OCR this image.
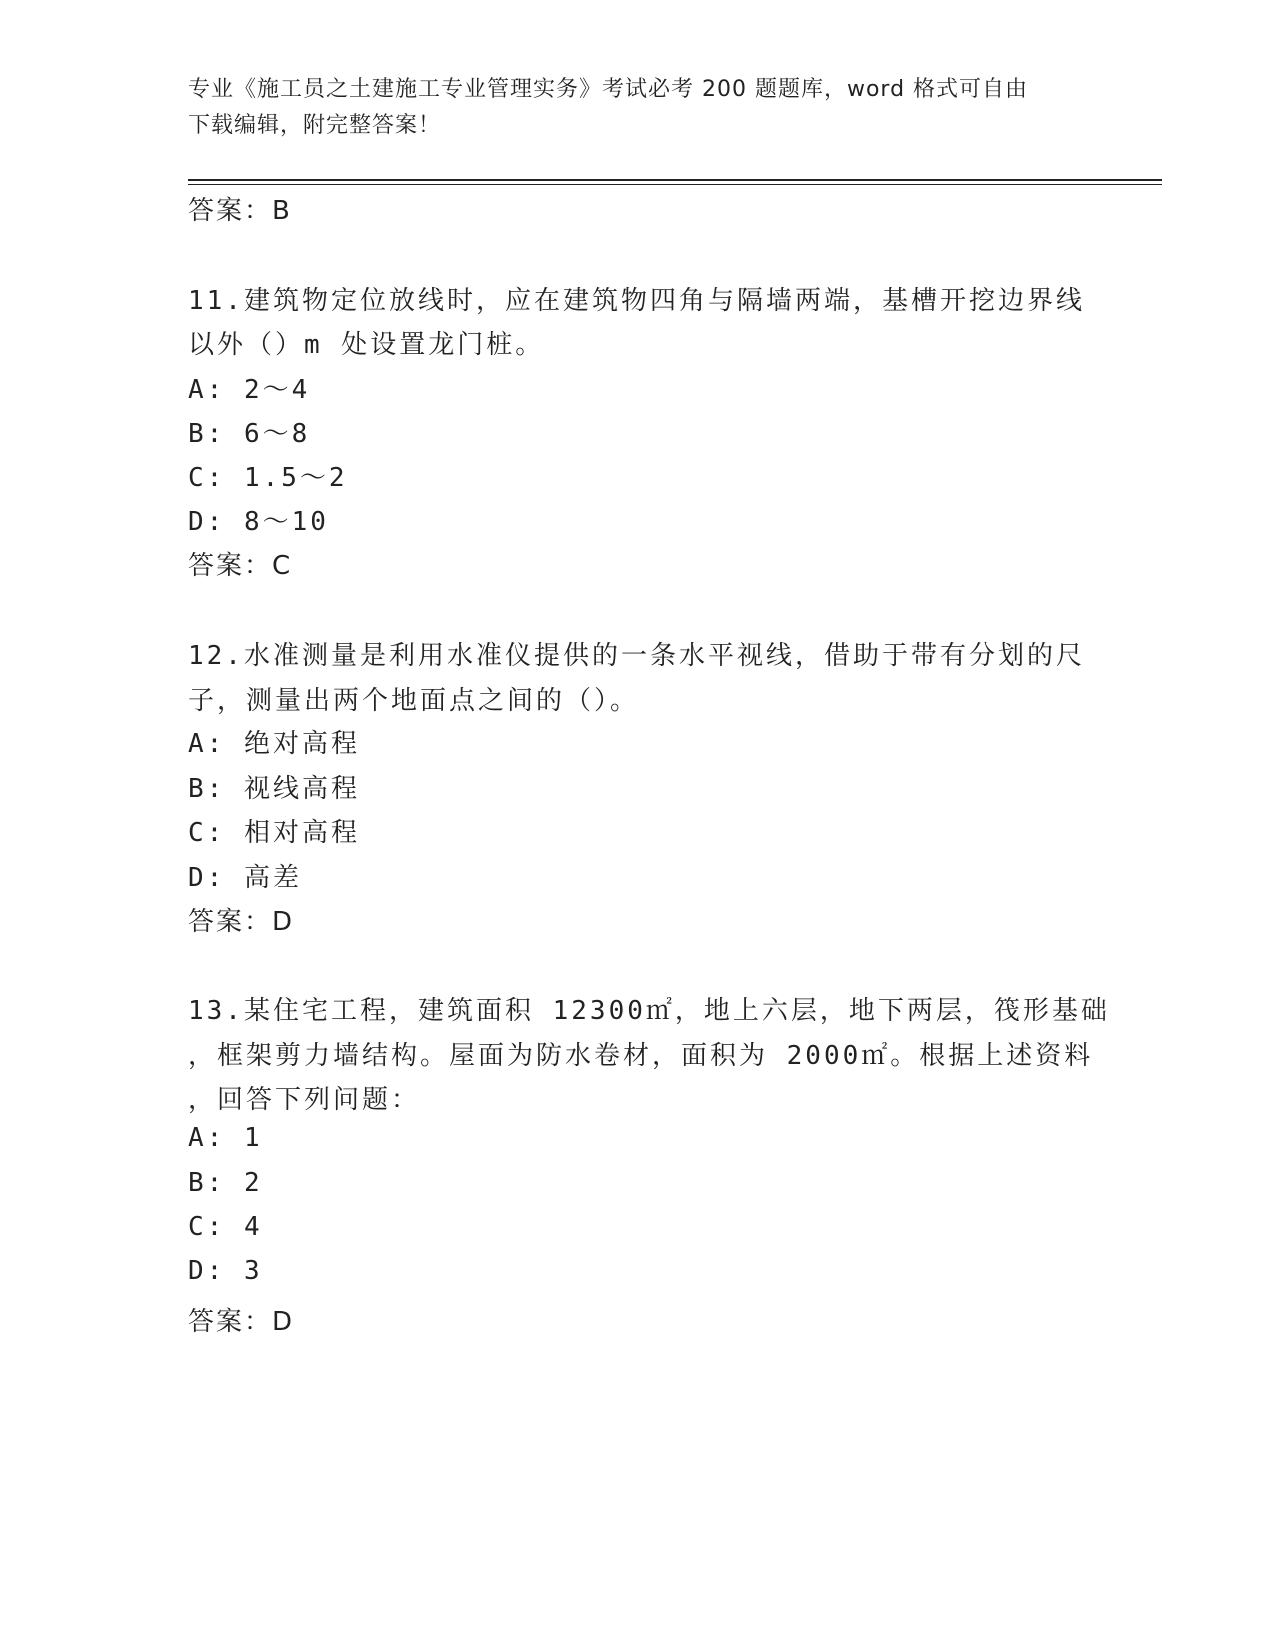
专业《施工员之土建施工专业管理实务》考试必考 200 题题库，word 格式可自由
下载编辑，附完整答案！
答案：B
11.建筑物定位放线时，应在建筑物四角与隔墙两端，基槽开挖边界线
以外（）m 处设置龙门桩。
A: 2～4
B: 6～8
C: 1.5～2
D: 8～10
答案：C
12.水准测量是利用水准仪提供的一条水平视线，借助于带有分划的尺
子，测量出两个地面点之间的（）。
A: 绝对高程
B: 视线高程
C: 相对高程
D: 高差
答案：D
13.某住宅工程，建筑面积 12300㎡，地上六层，地下两层，筏形基础
，框架剪力墙结构。屋面为防水卷材，面积为 2000㎡。根据上述资料
，回答下列问题：
A: 1
B: 2
C: 4
D: 3
答案：D
